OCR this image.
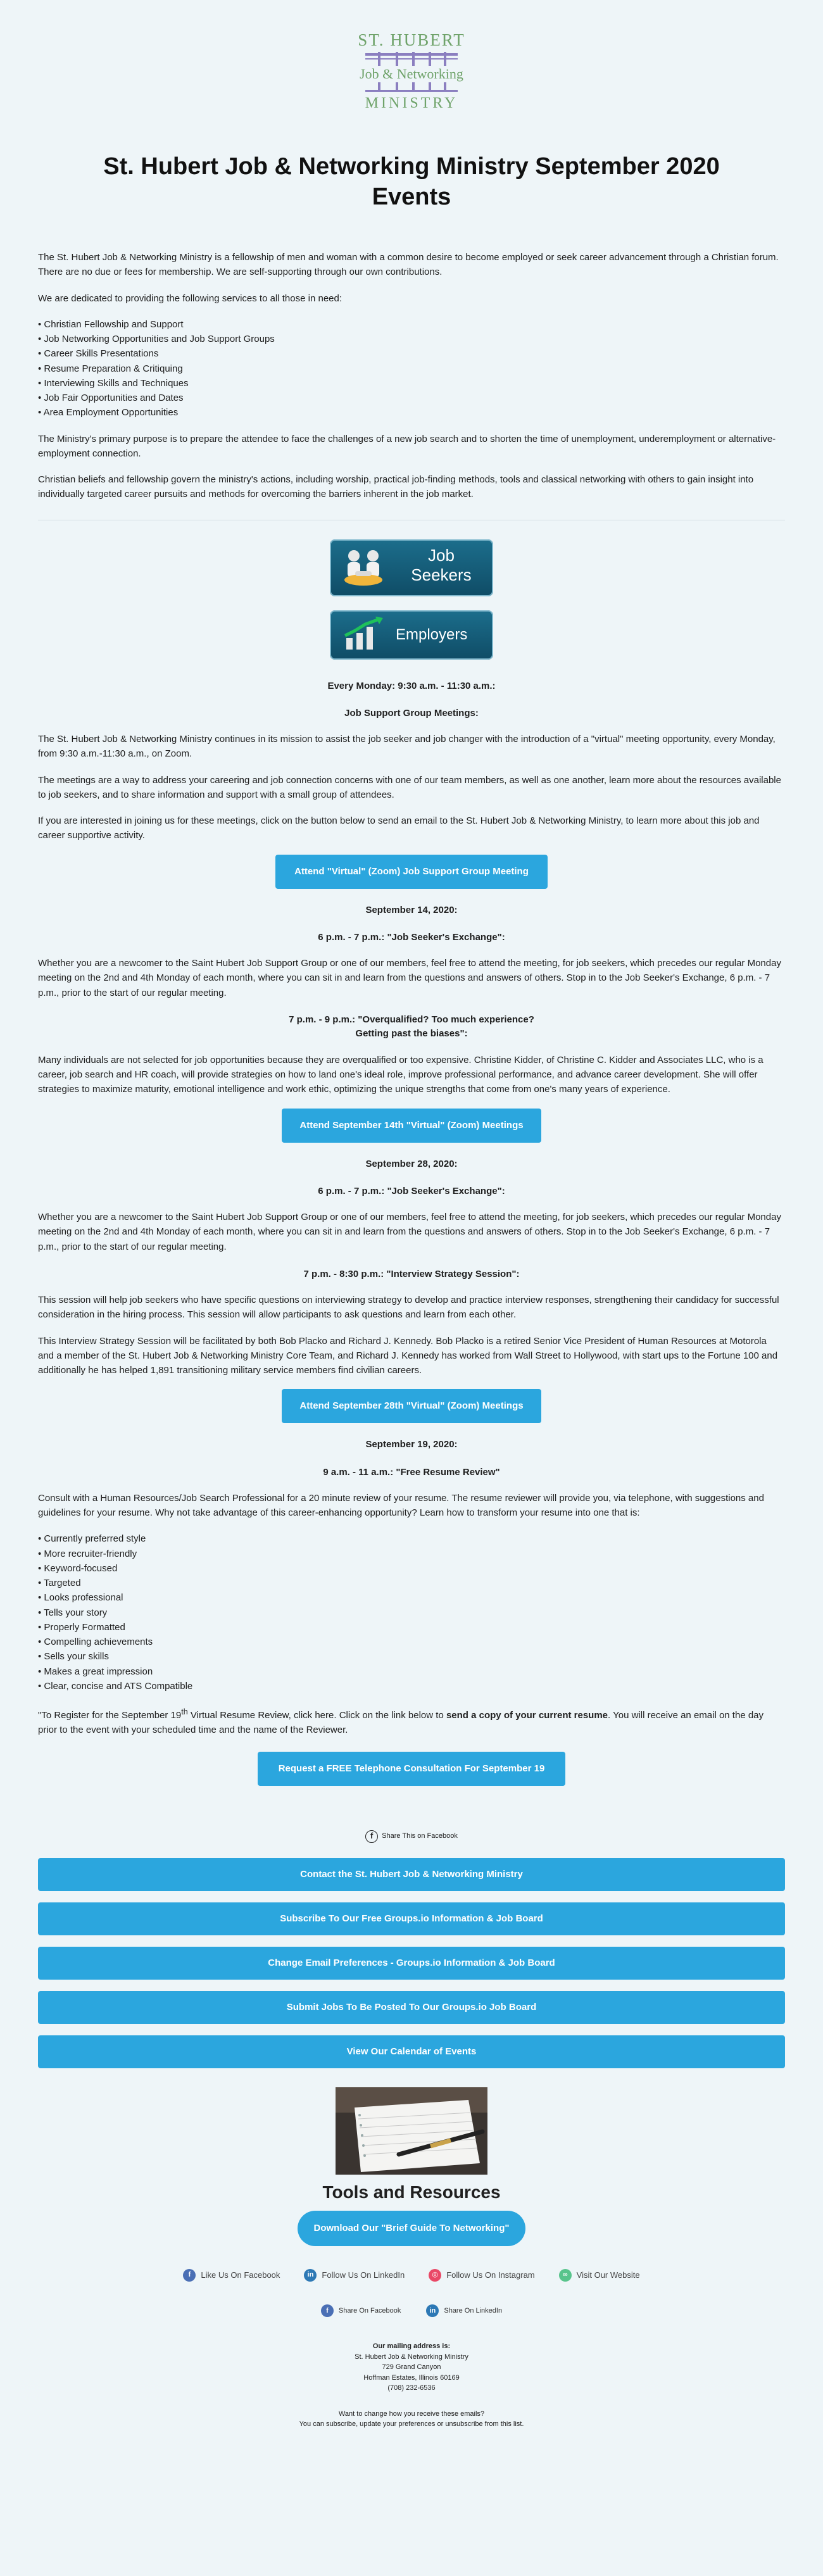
ST. HUBERT
Job & Networking
MINISTRY
St. Hubert Job & Networking Ministry September 2020 Events

The St. Hubert Job & Networking Ministry is a fellowship of men and woman with a common desire to become employed or seek career advancement through a Christian forum. There are no due or fees for membership. We are self-supporting through our own contributions.

We are dedicated to providing the following services to all those in need:

• Christian Fellowship and Support
• Job Networking Opportunities and Job Support Groups
• Career Skills Presentations
• Resume Preparation & Critiquing
• Interviewing Skills and Techniques
• Job Fair Opportunities and Dates
• Area Employment Opportunities

The Ministry's primary purpose is to prepare the attendee to face the challenges of a new job search and to shorten the time of unemployment, underemployment or alternative-employment connection.

Christian beliefs and fellowship govern the ministry's actions, including worship, practical job-finding methods, tools and classical networking with others to gain insight into individually targeted career pursuits and methods for overcoming the barriers inherent in the job market.

Job
Seekers
Employers
Every Monday: 9:30 a.m. - 11:30 a.m.:
Job Support Group Meetings:

The St. Hubert Job & Networking Ministry continues in its mission to assist the job seeker and job changer with the introduction of a "virtual" meeting opportunity, every Monday, from 9:30 a.m.-11:30 a.m., on Zoom.

The meetings are a way to address your careering and job connection concerns with one of our team members, as well as one another, learn more about the resources available to job seekers, and to share information and support with a small group of attendees.

If you are interested in joining us for these meetings, click on the button below to send an email to the St. Hubert Job & Networking Ministry, to learn more about this job and career supportive activity.

Attend "Virtual" (Zoom) Job Support Group Meeting
September 14, 2020:
6 p.m. - 7 p.m.: "Job Seeker's Exchange":

Whether you are a newcomer to the Saint Hubert Job Support Group or one of our members, feel free to attend the meeting, for job seekers, which precedes our regular Monday meeting on the 2nd and 4th Monday of each month, where you can sit in and learn from the questions and answers of others. Stop in to the Job Seeker's Exchange, 6 p.m. - 7 p.m., prior to the start of our regular meeting.

7 p.m. - 9 p.m.: "Overqualified? Too much experience?
Getting past the biases":

Many individuals are not selected for job opportunities because they are overqualified or too expensive. Christine Kidder, of Christine C. Kidder and Associates LLC, who is a career, job search and HR coach, will provide strategies on how to land one's ideal role, improve professional performance, and advance career development. She will offer strategies to maximize maturity, emotional intelligence and work ethic, optimizing the unique strengths that come from one's many years of experience.

Attend September 14th "Virtual" (Zoom) Meetings
September 28, 2020:
6 p.m. - 7 p.m.: "Job Seeker's Exchange":

Whether you are a newcomer to the Saint Hubert Job Support Group or one of our members, feel free to attend the meeting, for job seekers, which precedes our regular Monday meeting on the 2nd and 4th Monday of each month, where you can sit in and learn from the questions and answers of others. Stop in to the Job Seeker's Exchange, 6 p.m. - 7 p.m., prior to the start of our regular meeting.

7 p.m. - 8:30 p.m.: "Interview Strategy Session":

This session will help job seekers who have specific questions on interviewing strategy to develop and practice interview responses, strengthening their candidacy for successful consideration in the hiring process. This session will allow participants to ask questions and learn from each other.

This Interview Strategy Session will be facilitated by both Bob Placko and Richard J. Kennedy. Bob Placko is a retired Senior Vice President of Human Resources at Motorola and a member of the St. Hubert Job & Networking Ministry Core Team, and Richard J. Kennedy has worked from Wall Street to Hollywood, with start ups to the Fortune 100 and additionally he has helped 1,891 transitioning military service members find civilian careers.

Attend September 28th "Virtual" (Zoom) Meetings
September 19, 2020:
9 a.m. - 11 a.m.: "Free Resume Review"

Consult with a Human Resources/Job Search Professional for a 20 minute review of your resume. The resume reviewer will provide you, via telephone, with suggestions and guidelines for your resume. Why not take advantage of this career-enhancing opportunity? Learn how to transform your resume into one that is:

• Currently preferred style
• More recruiter-friendly
• Keyword-focused
• Targeted
• Looks professional
• Tells your story
• Properly Formatted
• Compelling achievements
• Sells your skills
• Makes a great impression
• Clear, concise and ATS Compatible

"To Register for the September 19th Virtual Resume Review, click here. Click on the link below to send a copy of your current resume. You will receive an email on the day prior to the event with your scheduled time and the name of the Reviewer.

Request a FREE Telephone Consultation For September 19
f	Share This on Facebook
Contact the St. Hubert Job & Networking Ministry
Subscribe To Our Free Groups.io Information & Job Board
Change Email Preferences - Groups.io Information & Job Board
Submit Jobs To Be Posted To Our Groups.io Job Board
View Our Calendar of Events
Tools and Resources
Download Our "Brief Guide To Networking"
f	Like Us On Facebook	in	Follow Us On LinkedIn	◎	Follow Us On Instagram	∞	Visit Our Website
f	Share On Facebook	in	Share On LinkedIn
Our mailing address is:
St. Hubert Job & Networking Ministry
729 Grand Canyon
Hoffman Estates, Illinois 60169
(708) 232-6536
Want to change how you receive these emails?
You can subscribe, update your preferences or unsubscribe from this list.
